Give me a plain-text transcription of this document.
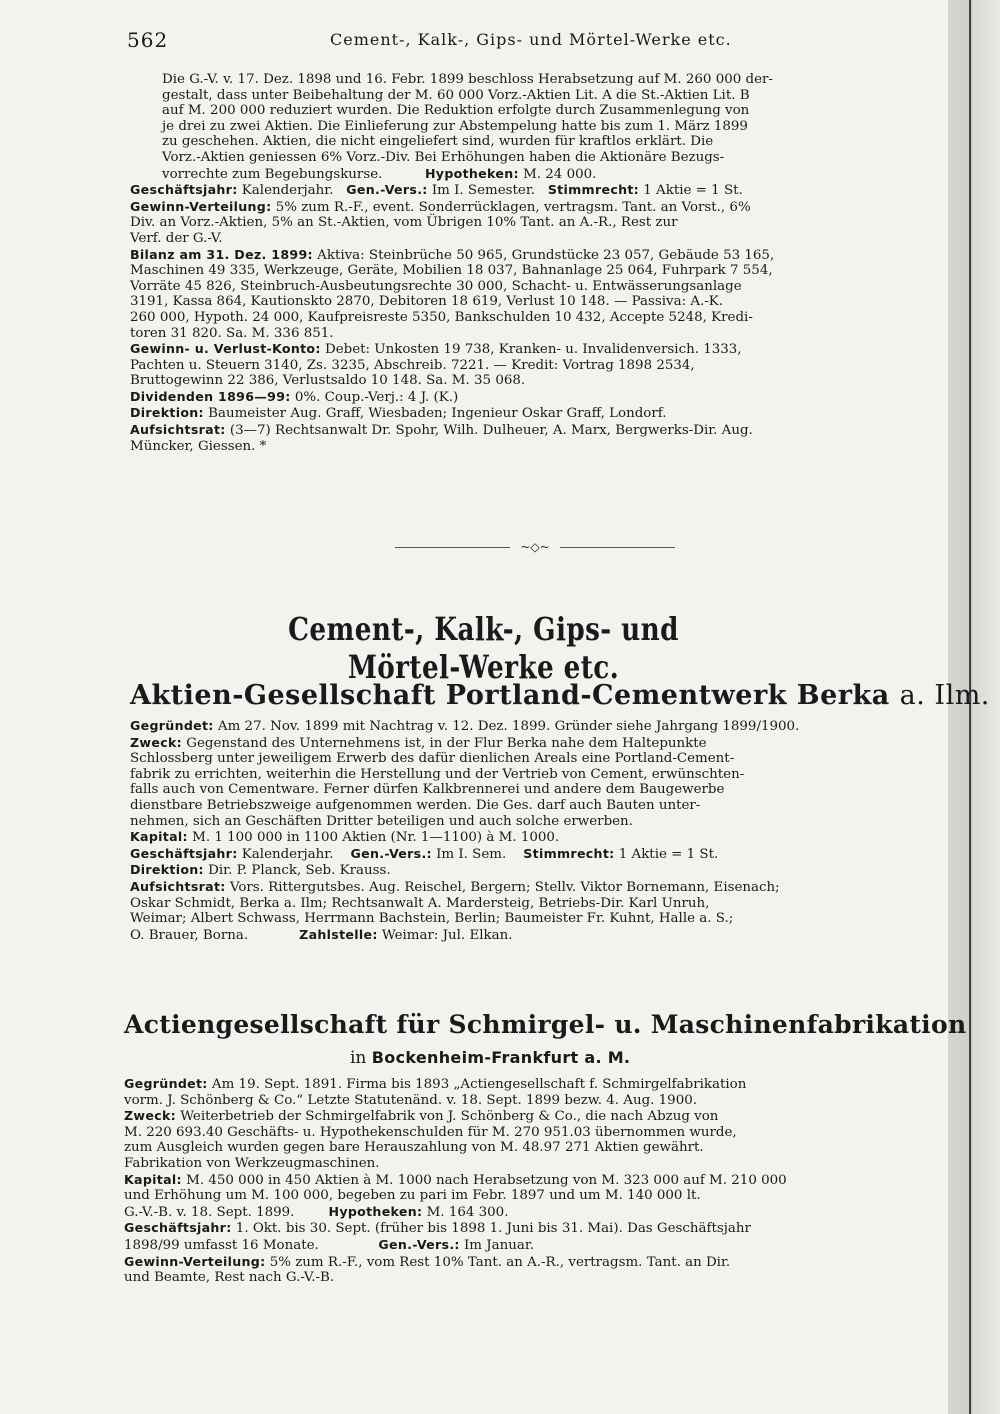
562	Cement-, Kalk-, Gips- und Mörtel-Werke etc.

Die G.-V. v. 17. Dez. 1898 und 16. Febr. 1899 beschloss Herabsetzung auf M. 260 000 der-

gestalt, dass unter Beibehaltung der M. 60 000 Vorz.-Aktien Lit. A die St.-Aktien Lit. B

auf M. 200 000 reduziert wurden. Die Reduktion erfolgte durch Zusammenlegung von

je drei zu zwei Aktien. Die Einlieferung zur Abstempelung hatte bis zum 1. März 1899

zu geschehen. Aktien, die nicht eingeliefert sind, wurden für kraftlos erklärt. Die

Vorz.-Aktien geniessen 6% Vorz.-Div. Bei Erhöhungen haben die Aktionäre Bezugs-

vorrechte zum Begebungskurse.	Hypotheken: M. 24 000.

Geschäftsjahr: Kalenderjahr. Gen.-Vers.: Im I. Semester. Stimmrecht: 1 Aktie = 1 St.

Gewinn-Verteilung: 5% zum R.-F., event. Sonderrücklagen, vertragsm. Tant. an Vorst., 6%

Div. an Vorz.-Aktien, 5% an St.-Aktien, vom Übrigen 10% Tant. an A.-R., Rest zur

Verf. der G.-V.

Bilanz am 31. Dez. 1899: Aktiva: Steinbrüche 50 965, Grundstücke 23 057, Gebäude 53 165,

Maschinen 49 335, Werkzeuge, Geräte, Mobilien 18 037, Bahnanlage 25 064, Fuhrpark 7 554,

Vorräte 45 826, Steinbruch-Ausbeutungsrechte 30 000, Schacht- u. Entwässerungsanlage

3191, Kassa 864, Kautionskto 2870, Debitoren 18 619, Verlust 10 148. — Passiva: A.-K.

260 000, Hypoth. 24 000, Kaufpreisreste 5350, Bankschulden 10 432, Accepte 5248, Kredi-

toren 31 820. Sa. M. 336 851.

Gewinn- u. Verlust-Konto: Debet: Unkosten 19 738, Kranken- u. Invalidenversich. 1333,

Pachten u. Steuern 3140, Zs. 3235, Abschreib. 7221. — Kredit: Vortrag 1898 2534,

Bruttogewinn 22 386, Verlustsaldo 10 148. Sa. M. 35 068.

Dividenden 1896—99: 0%. Coup.-Verj.: 4 J. (K.)

Direktion: Baumeister Aug. Graff, Wiesbaden; Ingenieur Oskar Graff, Londorf.

Aufsichtsrat: (3—7) Rechtsanwalt Dr. Spohr, Wilh. Dulheuer, A. Marx, Bergwerks-Dir. Aug.

Müncker, Giessen. *

~◇~
Cement-, Kalk-, Gips- und Mörtel-Werke etc.
Aktien-Gesellschaft Portland-Cementwerk Berka a. Ilm.

Gegründet: Am 27. Nov. 1899 mit Nachtrag v. 12. Dez. 1899. Gründer siehe Jahrgang 1899/1900.

Zweck: Gegenstand des Unternehmens ist, in der Flur Berka nahe dem Haltepunkte

Schlossberg unter jeweiligem Erwerb des dafür dienlichen Areals eine Portland-Cement-

fabrik zu errichten, weiterhin die Herstellung und der Vertrieb von Cement, erwünschten-

falls auch von Cementware. Ferner dürfen Kalkbrennerei und andere dem Baugewerbe

dienstbare Betriebszweige aufgenommen werden. Die Ges. darf auch Bauten unter-

nehmen, sich an Geschäften Dritter beteiligen und auch solche erwerben.

Kapital: M. 1 100 000 in 1100 Aktien (Nr. 1—1100) à M. 1000.

Geschäftsjahr: Kalenderjahr. Gen.-Vers.: Im I. Sem. Stimmrecht: 1 Aktie = 1 St.

Direktion: Dir. P. Planck, Seb. Krauss.

Aufsichtsrat: Vors. Rittergutsbes. Aug. Reischel, Bergern; Stellv. Viktor Bornemann, Eisenach;

Oskar Schmidt, Berka a. Ilm; Rechtsanwalt A. Mardersteig, Betriebs-Dir. Karl Unruh,

Weimar; Albert Schwass, Herrmann Bachstein, Berlin; Baumeister Fr. Kuhnt, Halle a. S.;

O. Brauer, Borna.	Zahlstelle: Weimar: Jul. Elkan.

Actiengesellschaft für Schmirgel- u. Maschinenfabrikation
in Bockenheim-Frankfurt a. M.

Gegründet: Am 19. Sept. 1891. Firma bis 1893 „Actiengesellschaft f. Schmirgelfabrikation

vorm. J. Schönberg & Co.“ Letzte Statutenänd. v. 18. Sept. 1899 bezw. 4. Aug. 1900.

Zweck: Weiterbetrieb der Schmirgelfabrik von J. Schönberg & Co., die nach Abzug von

M. 220 693.40 Geschäfts- u. Hypothekenschulden für M. 270 951.03 übernommen wurde,

zum Ausgleich wurden gegen bare Herauszahlung von M. 48.97 271 Aktien gewährt.

Fabrikation von Werkzeugmaschinen.

Kapital: M. 450 000 in 450 Aktien à M. 1000 nach Herabsetzung von M. 323 000 auf M. 210 000

und Erhöhung um M. 100 000, begeben zu pari im Febr. 1897 und um M. 140 000 lt.

G.-V.-B. v. 18. Sept. 1899.	Hypotheken: M. 164 300.

Geschäftsjahr: 1. Okt. bis 30. Sept. (früher bis 1898 1. Juni bis 31. Mai). Das Geschäftsjahr

1898/99 umfasst 16 Monate.	Gen.-Vers.: Im Januar.

Gewinn-Verteilung: 5% zum R.-F., vom Rest 10% Tant. an A.-R., vertragsm. Tant. an Dir.

und Beamte, Rest nach G.-V.-B.
